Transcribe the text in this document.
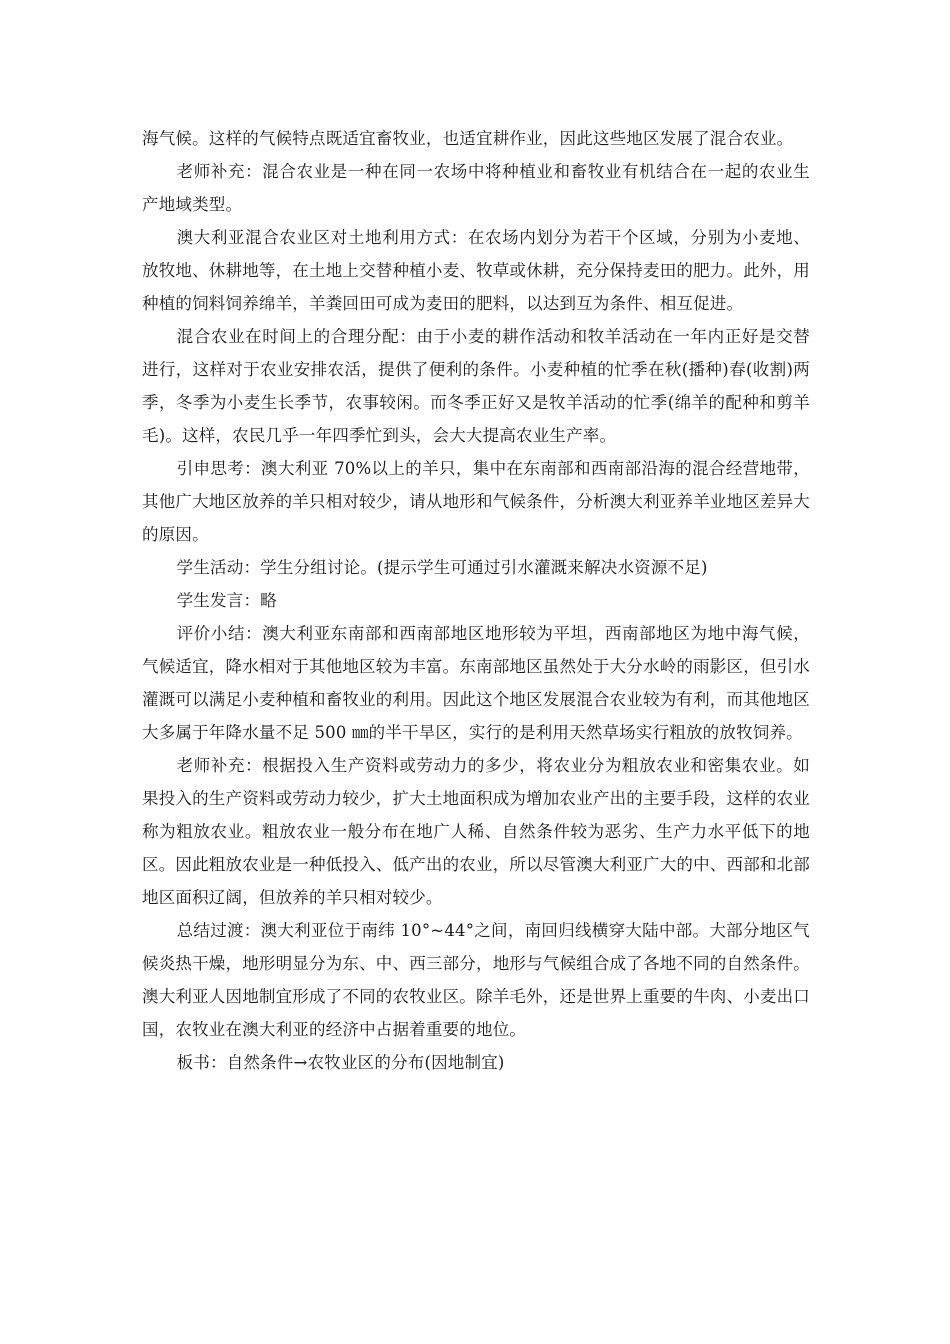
海气候。这样的气候特点既适宜畜牧业，也适宜耕作业，因此这些地区发展了混合农业。

老师补充：混合农业是一种在同一农场中将种植业和畜牧业有机结合在一起的农业生产地域类型。

澳大利亚混合农业区对土地利用方式：在农场内划分为若干个区域，分别为小麦地、放牧地、休耕地等，在土地上交替种植小麦、牧草或休耕，充分保持麦田的肥力。此外，用种植的饲料饲养绵羊，羊粪回田可成为麦田的肥料，以达到互为条件、相互促进。

混合农业在时间上的合理分配：由于小麦的耕作活动和牧羊活动在一年内正好是交替进行，这样对于农业安排农活，提供了便利的条件。小麦种植的忙季在秋(播种)春(收割)两季，冬季为小麦生长季节，农事较闲。而冬季正好又是牧羊活动的忙季(绵羊的配种和剪羊毛)。这样，农民几乎一年四季忙到头，会大大提高农业生产率。

引申思考：澳大利亚 70%以上的羊只，集中在东南部和西南部沿海的混合经营地带，其他广大地区放养的羊只相对较少，请从地形和气候条件，分析澳大利亚养羊业地区差异大的原因。

学生活动：学生分组讨论。(提示学生可通过引水灌溉来解决水资源不足)

学生发言：略

评价小结：澳大利亚东南部和西南部地区地形较为平坦，西南部地区为地中海气候，气候适宜，降水相对于其他地区较为丰富。东南部地区虽然处于大分水岭的雨影区，但引水灌溉可以满足小麦种植和畜牧业的利用。因此这个地区发展混合农业较为有利，而其他地区大多属于年降水量不足 500 ㎜的半干旱区，实行的是利用天然草场实行粗放的放牧饲养。

老师补充：根据投入生产资料或劳动力的多少，将农业分为粗放农业和密集农业。如果投入的生产资料或劳动力较少，扩大土地面积成为增加农业产出的主要手段，这样的农业称为粗放农业。粗放农业一般分布在地广人稀、自然条件较为恶劣、生产力水平低下的地区。因此粗放农业是一种低投入、低产出的农业，所以尽管澳大利亚广大的中、西部和北部地区面积辽阔，但放养的羊只相对较少。

总结过渡：澳大利亚位于南纬 10°~44°之间，南回归线横穿大陆中部。大部分地区气候炎热干燥，地形明显分为东、中、西三部分，地形与气候组合成了各地不同的自然条件。澳大利亚人因地制宜形成了不同的农牧业区。除羊毛外，还是世界上重要的牛肉、小麦出口国，农牧业在澳大利亚的经济中占据着重要的地位。

板书：自然条件→农牧业区的分布(因地制宜)
